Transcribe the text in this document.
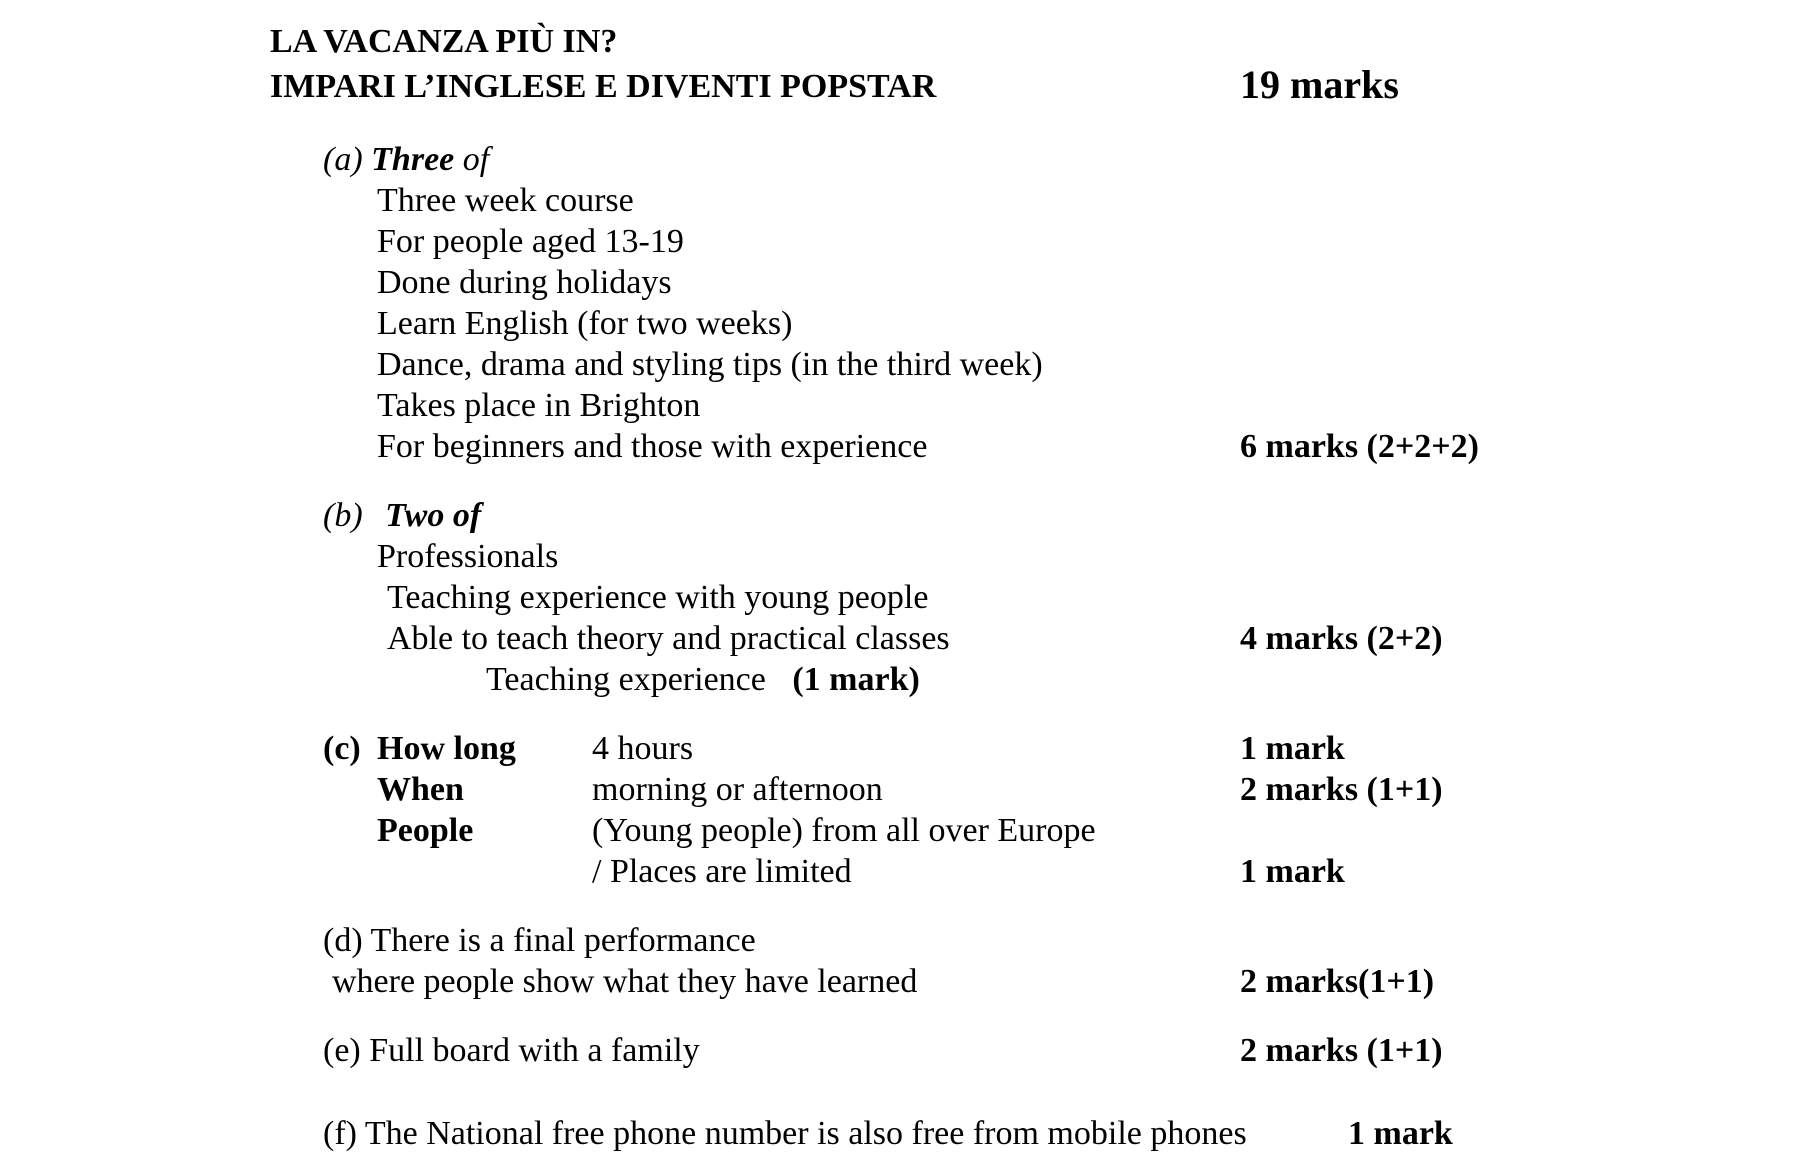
LA VACANZA PIÙ IN?
IMPARI L’INGLESE E DIVENTI POPSTAR	19 marks
(a) Three of
Three week course
For people aged 13-19
Done during holidays
Learn English (for two weeks)
Dance, drama and styling tips (in the third week)
Takes place in Brighton
For beginners and those with experience	6 marks (2+2+2)
(b) Two of
Professionals
Teaching experience with young people
Able to teach theory and practical classes	4 marks (2+2)
Teaching experience (1 mark)
(c) How long 4 hours	1 mark
When	morning or afternoon	2 marks (1+1)
People	(Young people) from all over Europe
/ Places are limited	1 mark
(d) There is a final performance
where people show what they have learned	2 marks(1+1)
(e) Full board with a family	2 marks (1+1)
(f) The National free phone number is also free from mobile phones	1 mark
